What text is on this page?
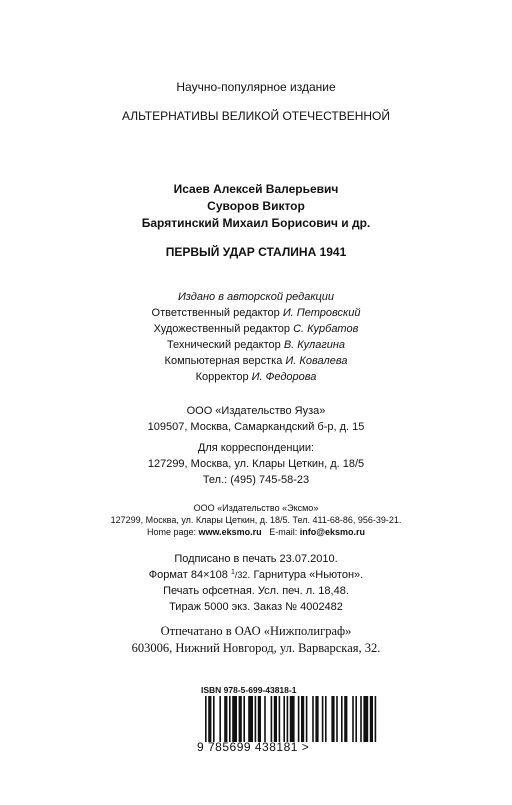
Научно-популярное издание
АЛЬТЕРНАТИВЫ ВЕЛИКОЙ ОТЕЧЕСТВЕННОЙ
Исаев Алексей Валерьевич
Суворов Виктор
Барятинский Михаил Борисович и др.
ПЕРВЫЙ УДАР СТАЛИНА 1941
Издано в авторской редакции
Ответственный редактор И. Петровский
Художественный редактор С. Курбатов
Технический редактор В. Кулагина
Компьютерная верстка И. Ковалева
Корректор И. Федорова
ООО «Издательство Яуза»
109507, Москва, Самаркандский б-р, д. 15
Для корреспонденции:
127299, Москва, ул. Клары Цеткин, д. 18/5
Тел.: (495) 745-58-23
ООО «Издательство «Эксмо»
127299, Москва, ул. Клары Цеткин, д. 18/5. Тел. 411-68-86, 956-39-21.
Home page: www.eksmo.ru E-mail: info@eksmo.ru
Подписано в печать 23.07.2010.
Формат 84×108 $^1$/32. Гарнитура «Ньютон».
Печать офсетная. Усл. печ. л. 18,48.
Тираж 5000 экз. Заказ № 4002482
Отпечатано в ОАО «Нижполиграф»
603006, Нижний Новгород, ул. Варварская, 32.
ISBN 978-5-699-43818-1
9 785699 438181 >
